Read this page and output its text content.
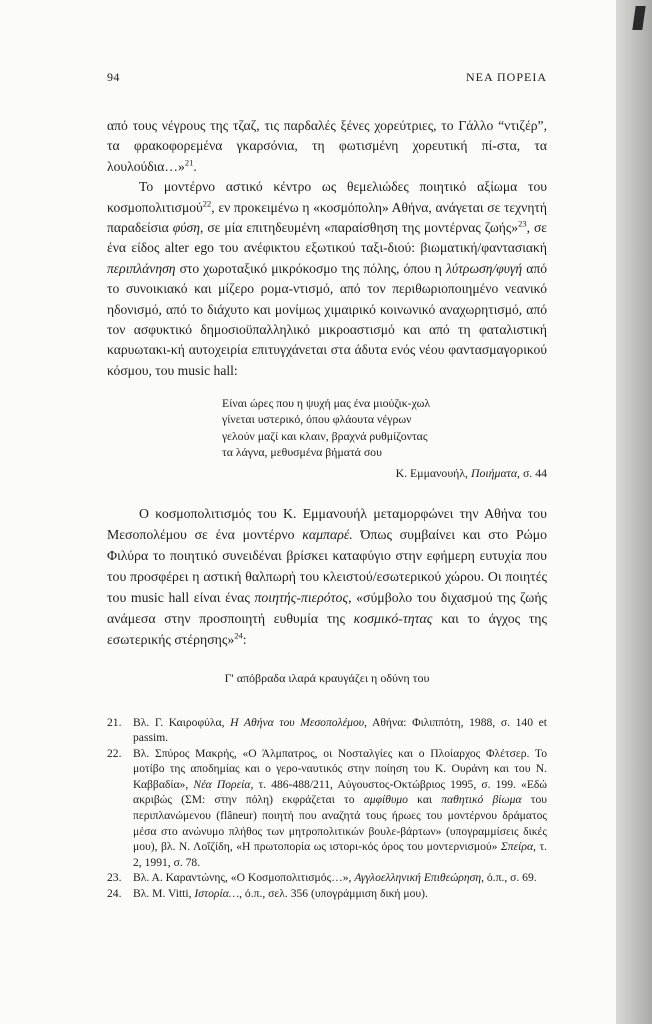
94	ΝΕΑ ΠΟΡΕΙΑ

από τους νέγρους της τζαζ, τις παρδαλές ξένες χορεύτριες, το Γάλλο “ντιζέρ”, τα φρακοφορεμένα γκαρσόνια, τη φωτισμένη χορευτική πί-στα, τα λουλούδια…»$^{21}$.

Το μοντέρνο αστικό κέντρο ως θεμελιώδες ποιητικό αξίωμα του κοσμοπολιτισμού$^{22}$, εν προκειμένω η «κοσμόπολη» Αθήνα, ανάγεται σε τεχνητή παραδείσια φύση, σε μία επιτηδευμένη «παραίσθηση της μοντέρνας ζωής»$^{23}$, σε ένα είδος alter ego του ανέφικτου εξωτικού ταξι-διού: βιωματική/φαντασιακή περιπλάνηση στο χωροταξικό μικρόκοσμο της πόλης, όπου η λύτρωση/φυγή από το συνοικιακό και μίζερο ρομα-ντισμό, από τον περιθωριοποιημένο νεανικό ηδονισμό, από το διάχυτο και μονίμως χιμαιρικό κοινωνικό αναχωρητισμό, από τον ασφυκτικό δημοσιοϋπαλληλικό μικροαστισμό και από τη φαταλιστική καρυωτακι-κή αυτοχειρία επιτυγχάνεται στα άδυτα ενός νέου φαντασμαγορικού κόσμου, του music hall:

Είναι ώρες που η ψυχή μας ένα μιούζικ-χωλ
γίνεται υστερικό, όπου φλάουτα νέγρων
γελούν μαζί και κλαιν, βραχνά ρυθμίζοντας
τα λάγνα, μεθυσμένα βήματά σου
Κ. Εμμανουήλ, Ποιήματα, σ. 44

Ο κοσμοπολιτισμός του Κ. Εμμανουήλ μεταμορφώνει την Αθήνα του Μεσοπολέμου σε ένα μοντέρνο καμπαρέ. Όπως συμβαίνει και στο Ρώμο Φιλύρα το ποιητικό συνειδέναι βρίσκει καταφύγιο στην εφήμερη ευτυχία που του προσφέρει η αστική θαλπωρή του κλειστού/εσωτερικού χώρου. Οι ποιητές του music hall είναι ένας ποιητής-πιερότος, «σύμβολο του διχασμού της ζωής ανάμεσα στην προσποιητή ευθυμία της κοσμικό-τητας και το άγχος της εσωτερικής στέρησης»$^{24}$:

Γ' απόβραδα ιλαρά κραυγάζει η οδύνη του
21. Βλ. Γ. Καιροφύλα, Η Αθήνα του Μεσοπολέμου, Αθήνα: Φιλιππότη, 1988, σ. 140 et passim.
22. Βλ. Σπύρος Μακρής, «Ο Άλμπατρος, οι Νοσταλγίες και ο Πλοίαρχος Φλέτσερ. Το μοτίβο της αποδημίας και ο γερο-ναυτικός στην ποίηση του Κ. Ουράνη και του Ν. Καββαδία», Νέα Πορεία, τ. 486-488/211, Αύγουστος-Οκτώβριος 1995, σ. 199. «Εδώ ακριβώς (ΣΜ: στην πόλη) εκφράζεται το αμφίθυμο και παθητικό βίωμα του περιπλανώμενου (flâneur) ποιητή που αναζητά τους ήρωες του μοντέρνου δράματος μέσα στο ανώνυμο πλήθος των μητροπολιτικών βουλε-βάρτων» (υπογραμμίσεις δικές μου), βλ. Ν. Λοΐζίδη, «Η πρωτοπορία ως ιστορι-κός όρος του μοντερνισμού» Σπείρα, τ. 2, 1991, σ. 78.
23. Βλ. Α. Καραντώνης, «Ο Κοσμοπολιτισμός…», Αγγλοελληνική Επιθεώρηση, ό.π., σ. 69.
24. Βλ. M. Vitti, Ιστορία…, ό.π., σελ. 356 (υπογράμμιση δική μου).
